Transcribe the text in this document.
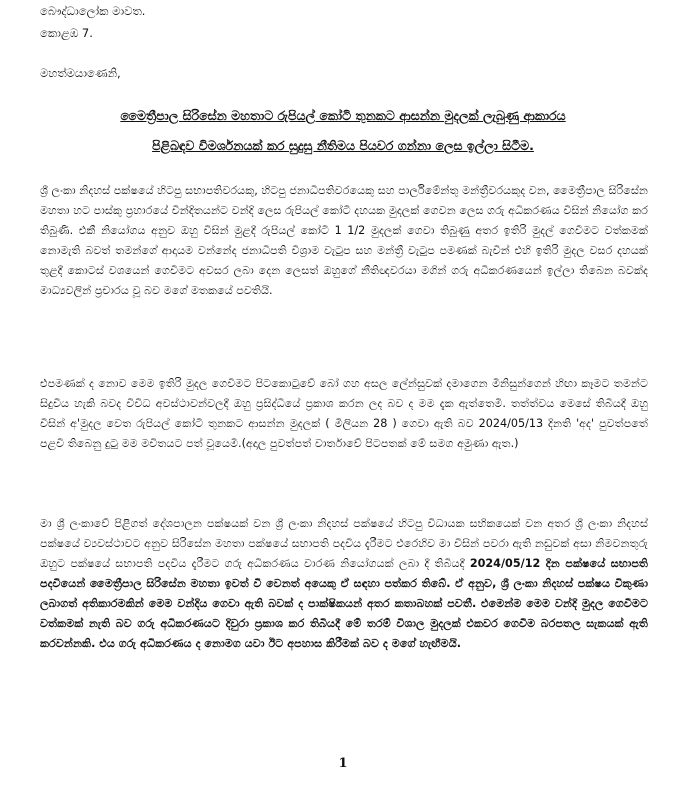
බෞද්ධාලෝක මාවත.
කොළඹ 7.
මහත්මයාණෙනි,
මෛත්‍රීපාල සිරිසේන මහතාට රුපියල් කෝටි තුනකට ආසන්න මුදලක් ලැබුණු ආකාරය
පිළිබඳව විමර්ශනයක් කර සුදුසු නීතිමය පියවර ගන්නා ලෙස ඉල්ලා සිටීම.

ශ්‍රී ලංකා නිදහස් පක්ෂයේ හිටපු සභාපතිවරයකු, හිටපු ජනාධිපතිවරයෙකු සහ පාර්ලිමේන්තු මන්ත්‍රීවරයකුද වන, මෛත්‍රීපාල සිරිසේන මහතා හට පාස්කු ප්‍රහාරයේ වින්දිතයන්ට වන්දි ලෙස රුපියල් කෝටි දහයක මුදලක් ගෙවන ලෙස ගරු අධිකරණය විසින් නියෝග කර තිබුණි. එකී නියෝගය අනුව ඔහු විසින් මුළදී රුපියල් කෝටි 1 1/2 මුදලක් ගෙවා තිබුණු අතර ඉතිරි මුදල් ගෙවීමට වත්කමක් නොමැති බවත් තමන්ගේ ආදායම වන්නේද ජනාධිපති විශ්‍රාම වැටුප සහ මන්ත්‍රී වැටුප පමණක් බැවින් එහි ඉතිරි මුදල වසර දහයක් තුළදී කොටස් වශයෙන් ගෙවීමට අවසර ලබා දෙන ලෙසත් ඔහුගේ නීතිඥවරයා මගින් ගරු අධිකරණයෙන් ඉල්ලා තිබෙන බවක්ද මාධ්‍යවලින් ප්‍රචාරය වූ බව මගේ මතකයේ පවතියි.

එපමණක් ද නොව මෙම ඉතිරි මුදල ගෙවීමට පිටකොටුවේ බෝ ගහ අසල ලේන්සුවක් දමාගෙන මිනිසුන්ගෙන් හිඟා කෑමට තමන්ට සිදුවිය හැකි බවද විවිධ අවස්ථාවන්වලදී ඔහු ප්‍රසිද්ධියේ ප්‍රකාශ කරන ලද බව ද මම දැක ඇත්තෙමි. තත්ත්වය මෙසේ තිබියදී ඔහු විසින් අ'මුදල වෙත රුපියල් කෝටි තුනකට ආසන්න මුදලක් ( මිලියන 28 ) ගෙවා ඇති බව 2024/05/13 දිනති 'අද' පුවත්පතේ පළවී තිබෙනු දුටු මම මවිතයට පත් වූයෙමි.(අදාල පුවත්පත් වාර්තාවේ පිටපතක් මේ සමග අමුණා ඇත.)

මා ශ්‍රී ලංකාවේ පිළිගත් දේශපාලන පක්ෂයක් වන ශ්‍රී ලංකා නිදහස් පක්ෂයේ හිටපු විධායක සභිකයෙක් වන අතර ශ්‍රී ලංකා නිදහස් පක්ෂයේ ව්‍යවස්ථාවට අනුව සිරිසේන මහතා පක්ෂයේ සභාපති පදවිය දැරීමට එරෙහිව මා විසින් පවරා ඇති නඩුවක් අසා නිමවනතුරු ඔහුට පක්ෂයේ සභාපති පදවිය දැරීමට ගරු අධිකරණය වාරණ නියෝගයක් ලබා දී තිබියදී 2024/05/12 දින පක්ෂයේ සභාපති පදවියෙන් මෛත්‍රීපාල සිරිසේන මහතා ඉවත් වී වෙනත් අයෙකු ඒ සඳහා පත්කර තිබේ. ඒ අනුව, ශ්‍රී ලංකා නිදහස් පක්ෂය විකුණා ලබාගත් අතිකාරමකින් මෙම වන්දිය ගෙවා ඇති බවක් ද පාක්ෂිකයන් අතර කතාබහක් පවතී. එමෙන්ම මෙම වන්දි මුදල ගෙවීමට වත්කමක් නැති බව ගරු අධිකරණයට දිවුරා ප්‍රකාශ කර තිබියදී මේ තරම් විශාල මුදලක් එකවර ගෙවීම බරපතල සැකයක් ඇති කරවන්නකි. එය ගරු අධිකරණය ද නොමග යවා ඊට අපහාස කිරීමක් බව ද මගේ හැඟීමයි.

1
